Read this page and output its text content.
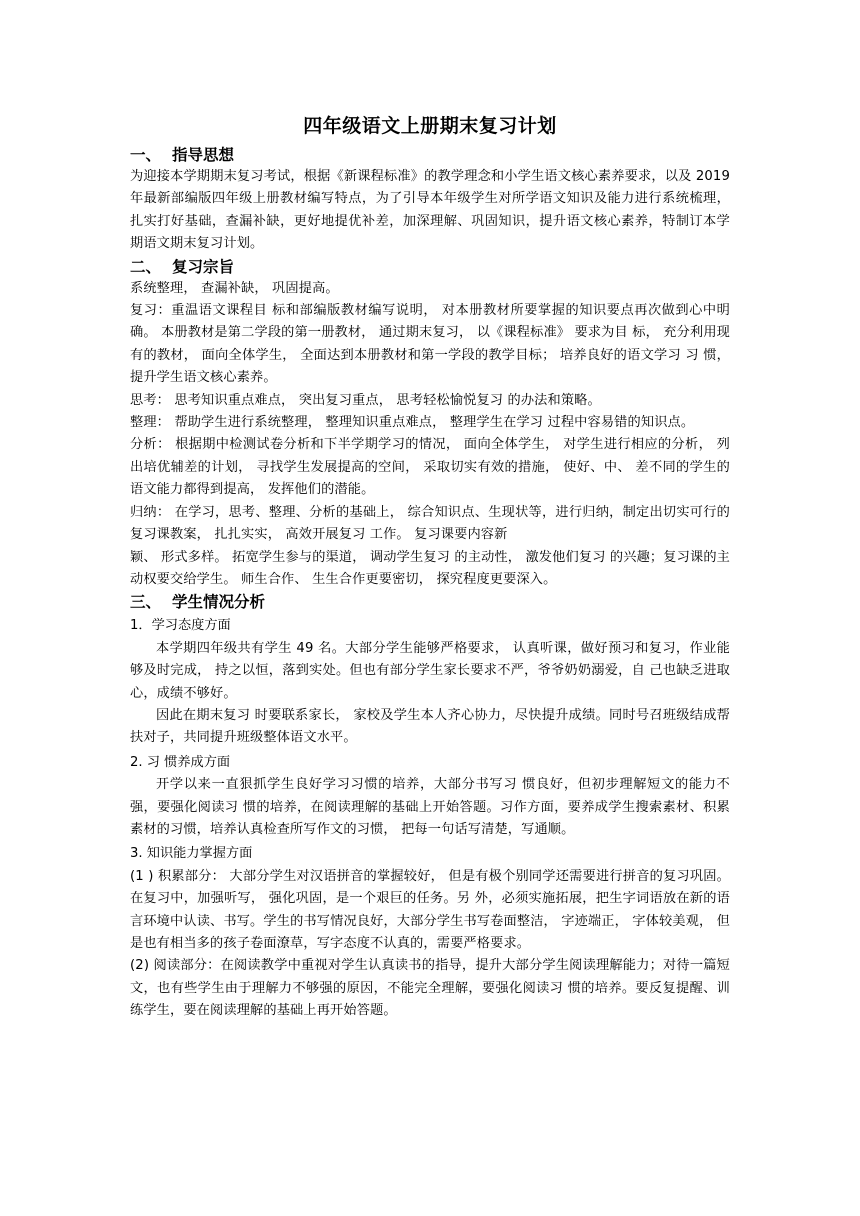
四年级语文上册期末复习计划
一、 指导思想

为迎接本学期期末复习考试，根据《新课程标准》的教学理念和小学生语文核心素养要求，以及 2019 年最新部编版四年级上册教材编写特点，为了引导本年级学生对所学语文知识及能力进行系统梳理，扎实打好基础，查漏补缺，更好地提优补差，加深理解、巩固知识，提升语文核心素养，特制订本学期语文期末复习计划。

二、 复习宗旨

系统整理， 查漏补缺， 巩固提高。

复习：重温语文课程目 标和部编版教材编写说明， 对本册教材所要掌握的知识要点再次做到心中明确。 本册教材是第二学段的第一册教材， 通过期末复习， 以《课程标准》 要求为目 标， 充分利用现有的教材， 面向全体学生， 全面达到本册教材和第一学段的教学目标； 培养良好的语文学习 习 惯， 提升学生语文核心素养。

思考： 思考知识重点难点， 突出复习重点， 思考轻松愉悦复习 的办法和策略。

整理： 帮助学生进行系统整理， 整理知识重点难点， 整理学生在学习 过程中容易错的知识点。

分析： 根据期中检测试卷分析和下半学期学习的情况， 面向全体学生， 对学生进行相应的分析， 列出培优辅差的计划， 寻找学生发展提高的空间， 采取切实有效的措施， 使好、中、 差不同的学生的语文能力都得到提高， 发挥他们的潜能。

归纳： 在学习，思考、整理、分析的基础上， 综合知识点、生现状等，进行归纳，制定出切实可行的复习课教案， 扎扎实实， 高效开展复习 工作。 复习课要内容新

颖、 形式多样。 拓宽学生参与的渠道， 调动学生复习 的主动性， 激发他们复习 的兴趣；复习课的主动权要交给学生。 师生合作、 生生合作更要密切， 探究程度更要深入。

三、 学生情况分析
1．学习态度方面

本学期四年级共有学生 49 名。大部分学生能够严格要求， 认真听课，做好预习和复习，作业能够及时完成， 持之以恒，落到实处。但也有部分学生家长要求不严，爷爷奶奶溺爱，自 己也缺乏进取心，成绩不够好。

因此在期末复习 时要联系家长， 家校及学生本人齐心协力，尽快提升成绩。同时号召班级结成帮扶对子，共同提升班级整体语文水平。

2. 习 惯养成方面

开学以来一直狠抓学生良好学习习惯的培养，大部分书写习 惯良好，但初步理解短文的能力不强，要强化阅读习 惯的培养，在阅读理解的基础上开始答题。习作方面，要养成学生搜索素材、积累素材的习惯，培养认真检查所写作文的习惯， 把每一句话写清楚，写通顺。

3. 知识能力掌握方面

(1 ) 积累部分： 大部分学生对汉语拼音的掌握较好， 但是有极个别同学还需要进行拼音的复习巩固。 在复习中，加强听写， 强化巩固，是一个艰巨的任务。另 外，必须实施拓展，把生字词语放在新的语言环境中认读、书写。学生的书写情况良好，大部分学生书写卷面整洁， 字迹端正， 字体较美观， 但是也有相当多的孩子卷面潦草，写字态度不认真的，需要严格要求。

(2) 阅读部分：在阅读教学中重视对学生认真读书的指导，提升大部分学生阅读理解能力；对待一篇短文，也有些学生由于理解力不够强的原因，不能完全理解，要强化阅读习 惯的培养。要反复提醒、训练学生，要在阅读理解的基础上再开始答题。
